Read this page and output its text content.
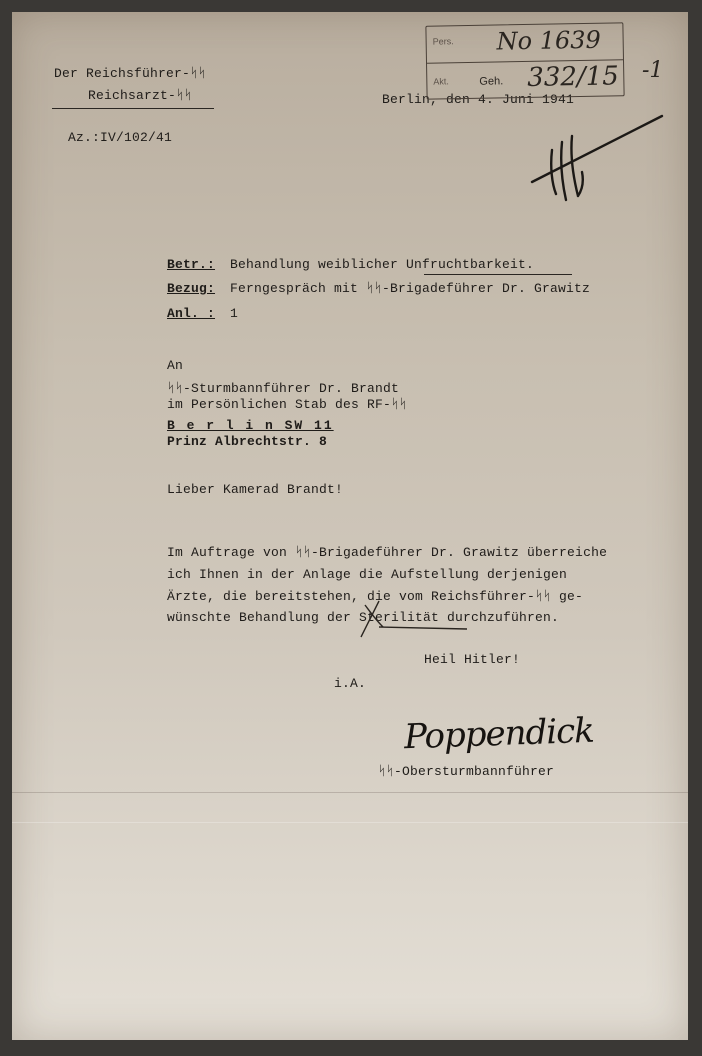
Der Reichsführer-ᛋᛋ
Reichsarzt-ᛋᛋ	Berlin, den 4. Juni 1941
Az.:IV/102/41
Pers. No 1639
Akt.	Geh. 332/15 -1
Betr.: Behandlung weiblicher Unfruchtbarkeit.
Bezug: Ferngespräch mit ᛋᛋ-Brigadeführer Dr. Grawitz
Anl. : 1
An
ᛋᛋ-Sturmbannführer Dr. Brandt
im Persönlichen Stab des RF-ᛋᛋ
B e r l i n SW 11
Prinz Albrechtstr. 8
Lieber Kamerad Brandt!
Im Auftrage von ᛋᛋ-Brigadeführer Dr. Grawitz überreiche
ich Ihnen in der Anlage die Aufstellung derjenigen
Ärzte, die bereitstehen, die vom Reichsführer-ᛋᛋ ge-
wünschte Behandlung der Sterilität durchzuführen.
Heil Hitler!
i.A.
Poppendick
ᛋᛋ-Obersturmbannführer
